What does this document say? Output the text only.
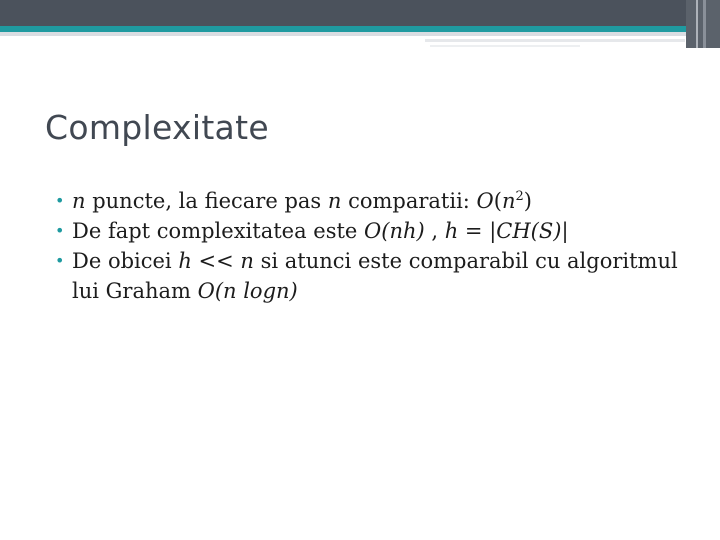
Complexitate
• n puncte, la fiecare pas n comparatii: $O(n^2)$
• De fapt complexitatea este O(nh) , h = |CH(S)|
• De obicei h << n si atunci este comparabil cu algoritmul lui Graham O(n logn)
